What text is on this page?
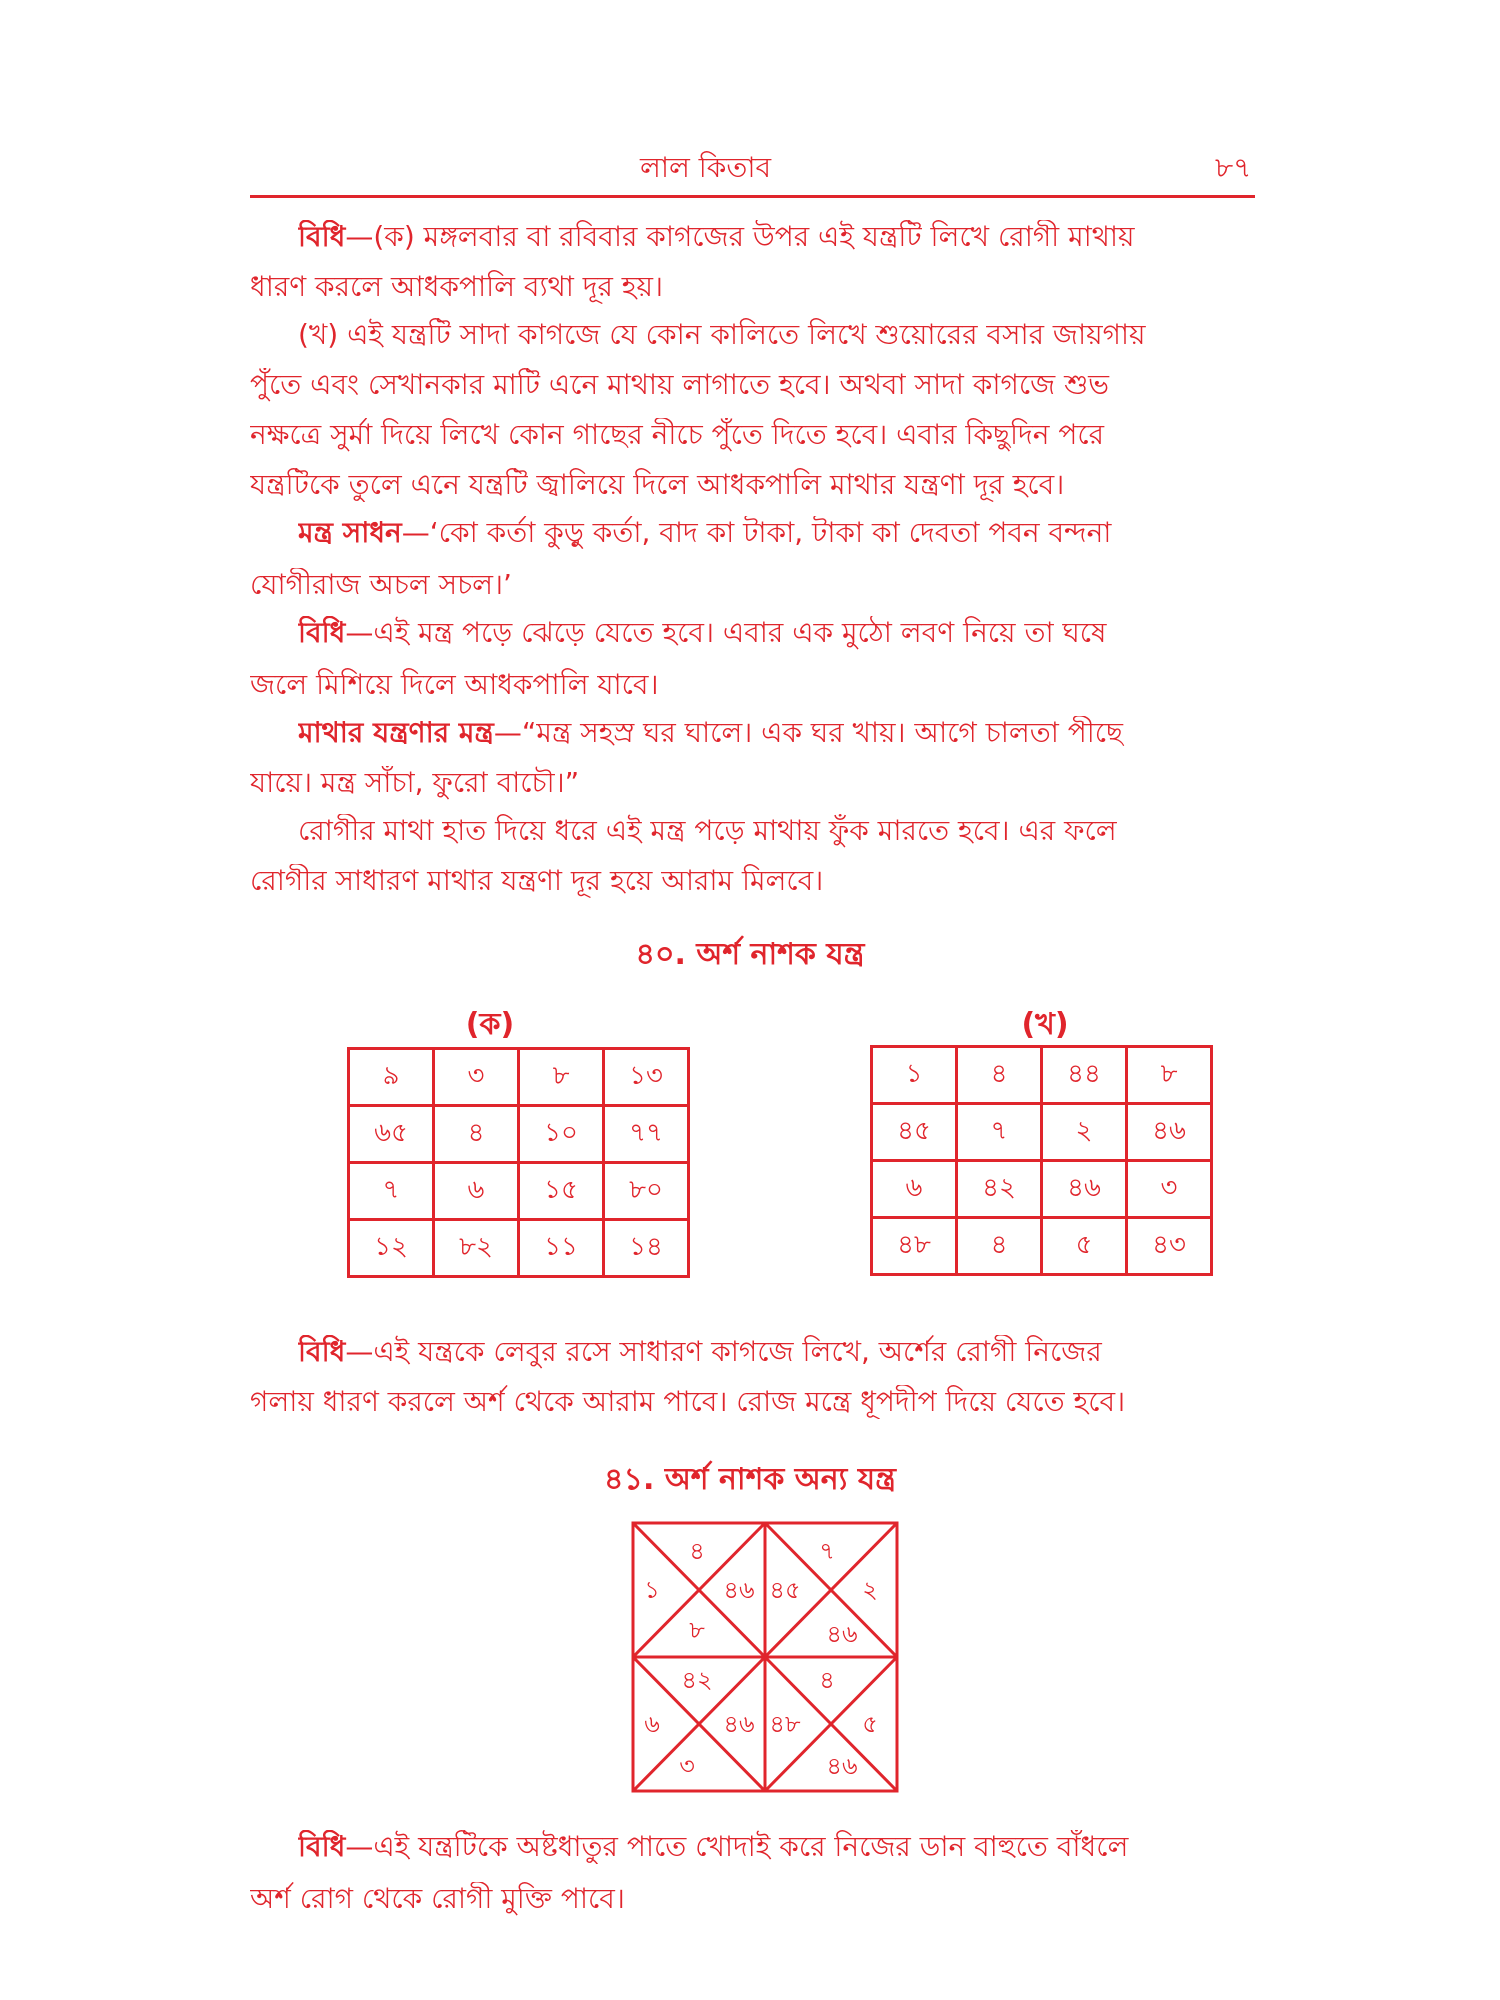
লাল কিতাব	৮৭
বিধি—(ক) মঙ্গলবার বা রবিবার কাগজের উপর এই যন্ত্রটি লিখে রোগী মাথায়
ধারণ করলে আধকপালি ব্যথা দূর হয়।
(খ) এই যন্ত্রটি সাদা কাগজে যে কোন কালিতে লিখে শুয়োরের বসার জায়গায়
পুঁতে এবং সেখানকার মাটি এনে মাথায় লাগাতে হবে। অথবা সাদা কাগজে শুভ
নক্ষত্রে সুর্মা দিয়ে লিখে কোন গাছের নীচে পুঁতে দিতে হবে। এবার কিছুদিন পরে
যন্ত্রটিকে তুলে এনে যন্ত্রটি জ্বালিয়ে দিলে আধকপালি মাথার যন্ত্রণা দূর হবে।
মন্ত্র সাধন—‘কো কর্তা কুড়ু কর্তা, বাদ কা টাকা, টাকা কা দেবতা পবন বন্দনা
যোগীরাজ অচল সচল।’
বিধি—এই মন্ত্র পড়ে ঝেড়ে যেতে হবে। এবার এক মুঠো লবণ নিয়ে তা ঘষে
জলে মিশিয়ে দিলে আধকপালি যাবে।
মাথার যন্ত্রণার মন্ত্র—“মন্ত্র সহস্র ঘর ঘালে। এক ঘর খায়। আগে চালতা পীছে
যায়ে। মন্ত্র সাঁচা, ফুরো বাচৌ।”
রোগীর মাথা হাত দিয়ে ধরে এই মন্ত্র পড়ে মাথায় ফুঁক মারতে হবে। এর ফলে
রোগীর সাধারণ মাথার যন্ত্রণা দূর হয়ে আরাম মিলবে।
৪০. অর্শ নাশক যন্ত্র
(ক)	(খ)
৯	৩	৮	১৩
৬৫	৪	১০	৭৭
৭	৬	১৫	৮০
১২	৮২	১১	১৪
১	৪	৪৪	৮
৪৫	৭	২	৪৬
৬	৪২	৪৬	৩
৪৮	৪	৫	৪৩
বিধি—এই যন্ত্রকে লেবুর রসে সাধারণ কাগজে লিখে, অর্শের রোগী নিজের
গলায় ধারণ করলে অর্শ থেকে আরাম পাবে। রোজ মন্ত্রে ধূপদীপ দিয়ে যেতে হবে।
৪১. অর্শ নাশক অন্য যন্ত্র
৪
১	৪৬
৮
৭
৪৫	২
৪৬
৪২
৬	৪৬
৩
৪
৪৮	৫
৪৬
বিধি—এই যন্ত্রটিকে অষ্টধাতুর পাতে খোদাই করে নিজের ডান বাহুতে বাঁধলে
অর্শ রোগ থেকে রোগী মুক্তি পাবে।
